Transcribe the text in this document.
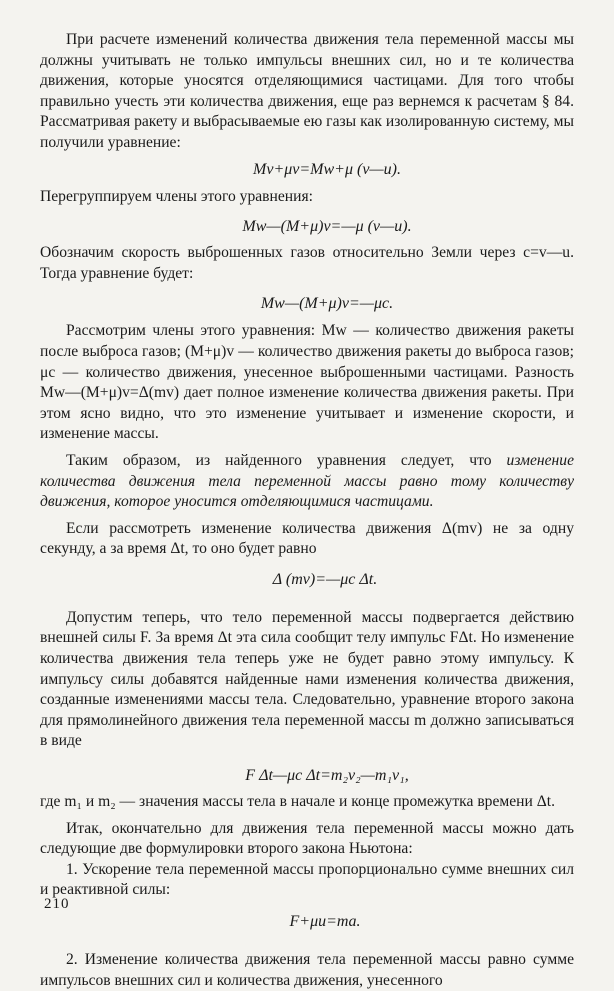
При расчете изменений количества движения тела переменной массы мы должны учитывать не только импульсы внешних сил, но и те количества движения, которые уносятся отделяющимися частицами. Для того чтобы правильно учесть эти количества движения, еще раз вернемся к расчетам § 84. Рассматривая ракету и выбрасываемые ею газы как изолированную систему, мы получили уравнение:

Mv+μv=Mw+μ (v—u).

Перегруппируем члены этого уравнения:

Mw—(M+μ)v=—μ (v—u).

Обозначим скорость выброшенных газов относительно Земли через c=v—u. Тогда уравнение будет:

Mw—(M+μ)v=—μc.

Рассмотрим члены этого уравнения: Mw — количество движения ракеты после выброса газов; (M+μ)v — количество движения ракеты до выброса газов; μc — количество движения, унесенное выброшенными частицами. Разность Mw—(M+μ)v=Δ(mv) дает полное изменение количества движения ракеты. При этом ясно видно, что это изменение учитывает и изменение скорости, и изменение массы.

Таким образом, из найденного уравнения следует, что изменение количества движения тела переменной массы равно тому количеству движения, которое уносится отделяющимися частицами.

Если рассмотреть изменение количества движения Δ(mv) не за одну секунду, а за время Δt, то оно будет равно

Δ (mv)=—μc Δt.

Допустим теперь, что тело переменной массы подвергается действию внешней силы F. За время Δt эта сила сообщит телу импульс FΔt. Но изменение количества движения тела теперь уже не будет равно этому импульсу. К импульсу силы добавятся найденные нами изменения количества движения, созданные изменениями массы тела. Следовательно, уравнение второго закона для прямолинейного движения тела переменной массы m должно записываться в виде

F Δt—μc Δt=m₂v₂—m₁v₁,

где m₁ и m₂ — значения массы тела в начале и конце промежутка времени Δt.

Итак, окончательно для движения тела переменной массы можно дать следующие две формулировки второго закона Ньютона:

1. Ускорение тела переменной массы пропорционально сумме внешних сил и реактивной силы:

F+μu=ma.

2. Изменение количества движения тела переменной массы равно сумме импульсов внешних сил и количества движения, унесенного

210
